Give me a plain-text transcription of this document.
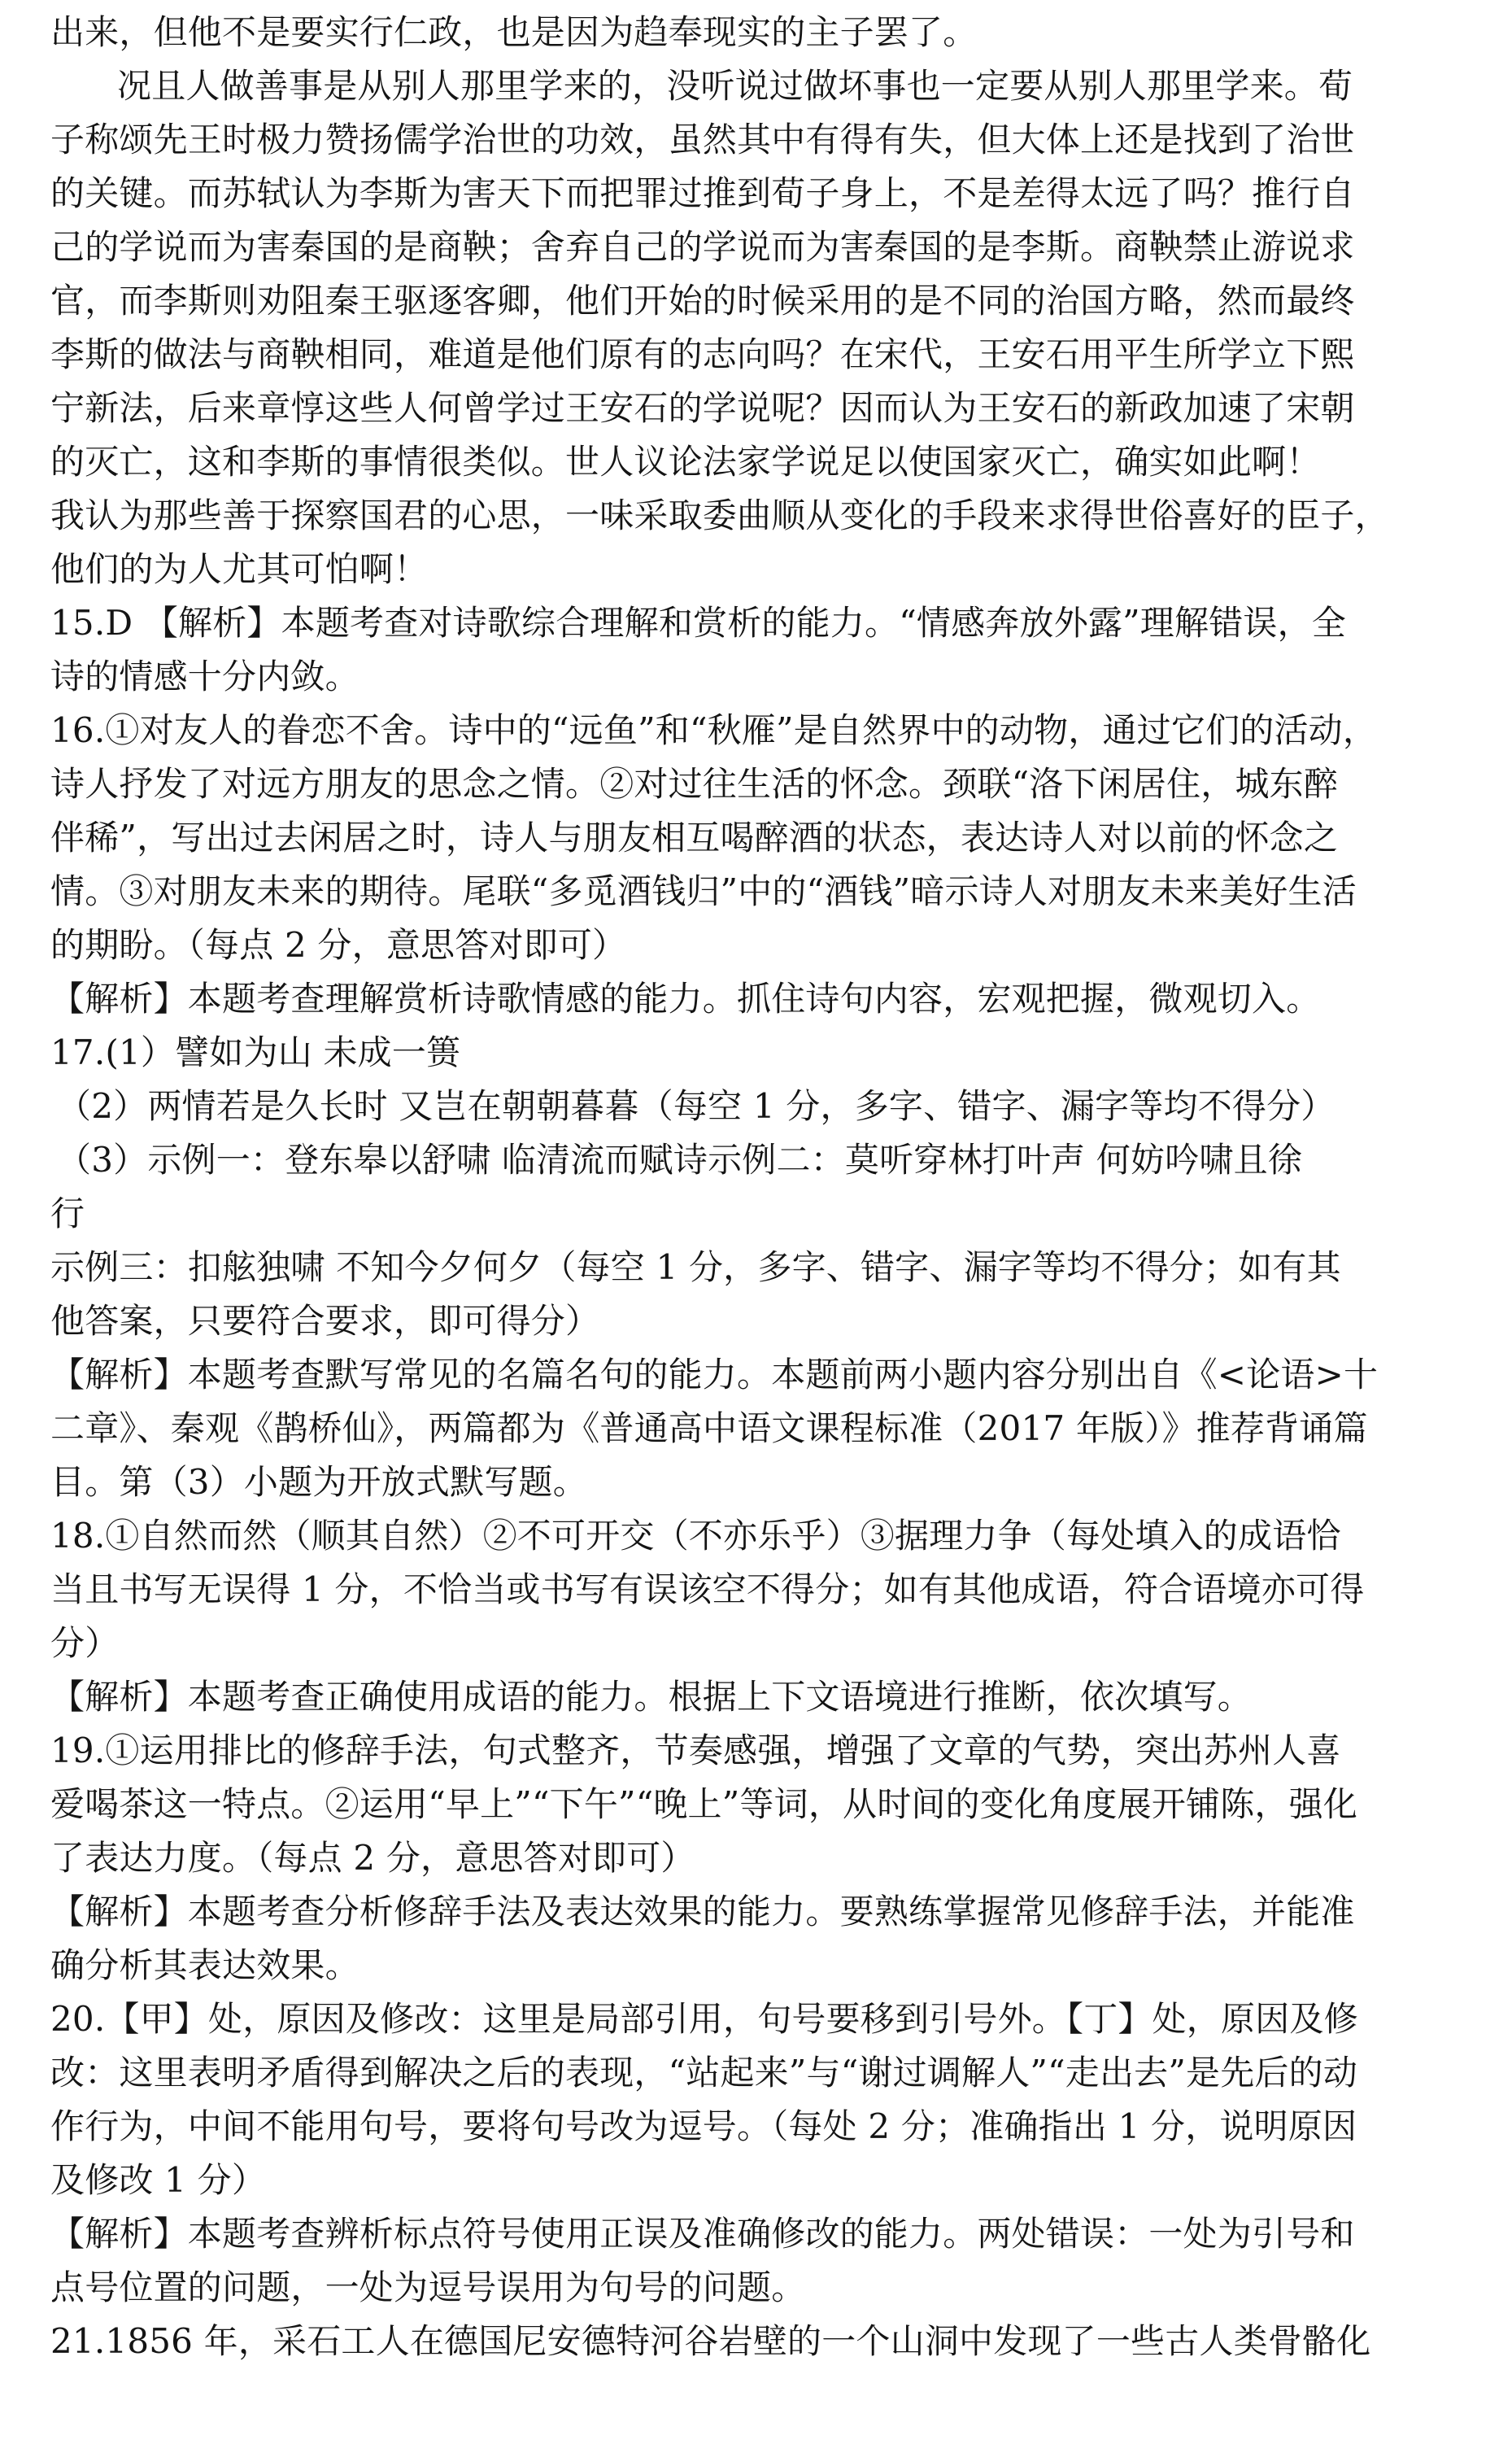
出来，但他不是要实行仁政，也是因为趋奉现实的主子罢了。
况且人做善事是从别人那里学来的，没听说过做坏事也一定要从别人那里学来。荀
子称颂先王时极力赞扬儒学治世的功效，虽然其中有得有失，但大体上还是找到了治世
的关键。而苏轼认为李斯为害天下而把罪过推到荀子身上，不是差得太远了吗？推行自
己的学说而为害秦国的是商鞅；舍弃自己的学说而为害秦国的是李斯。商鞅禁止游说求
官，而李斯则劝阻秦王驱逐客卿，他们开始的时候采用的是不同的治国方略，然而最终
李斯的做法与商鞅相同，难道是他们原有的志向吗？在宋代，王安石用平生所学立下熙
宁新法，后来章惇这些人何曾学过王安石的学说呢？因而认为王安石的新政加速了宋朝
的灭亡，这和李斯的事情很类似。世人议论法家学说足以使国家灭亡，确实如此啊！
我认为那些善于探察国君的心思，一味采取委曲顺从变化的手段来求得世俗喜好的臣子，
他们的为人尤其可怕啊！
15.D 【解析】本题考查对诗歌综合理解和赏析的能力。“情感奔放外露”理解错误，全
诗的情感十分内敛。
16.①对友人的眷恋不舍。诗中的“远鱼”和“秋雁”是自然界中的动物，通过它们的活动，
诗人抒发了对远方朋友的思念之情。②对过往生活的怀念。颈联“洛下闲居住，城东醉
伴稀”，写出过去闲居之时，诗人与朋友相互喝醉酒的状态，表达诗人对以前的怀念之
情。③对朋友未来的期待。尾联“多觅酒钱归”中的“酒钱”暗示诗人对朋友未来美好生活
的期盼。（每点 2 分，意思答对即可）
【解析】本题考查理解赏析诗歌情感的能力。抓住诗句内容，宏观把握，微观切入。
17.(1）譬如为山 未成一篑
（2）两情若是久长时 又岂在朝朝暮暮（每空 1 分，多字、错字、漏字等均不得分）
（3）示例一：登东皋以舒啸 临清流而赋诗示例二：莫听穿林打叶声 何妨吟啸且徐
行
示例三：扣舷独啸 不知今夕何夕（每空 1 分，多字、错字、漏字等均不得分；如有其
他答案，只要符合要求，即可得分）
【解析】本题考查默写常见的名篇名句的能力。本题前两小题内容分别出自《<论语>十
二章》、秦观《鹊桥仙》，两篇都为《普通高中语文课程标准（2017 年版）》推荐背诵篇
目。第（3）小题为开放式默写题。
18.①自然而然（顺其自然）②不可开交（不亦乐乎）③据理力争（每处填入的成语恰
当且书写无误得 1 分，不恰当或书写有误该空不得分；如有其他成语，符合语境亦可得
分）
【解析】本题考查正确使用成语的能力。根据上下文语境进行推断，依次填写。
19.①运用排比的修辞手法，句式整齐，节奏感强，增强了文章的气势，突出苏州人喜
爱喝茶这一特点。②运用“早上”“下午”“晚上”等词，从时间的变化角度展开铺陈，强化
了表达力度。（每点 2 分，意思答对即可）
【解析】本题考查分析修辞手法及表达效果的能力。要熟练掌握常见修辞手法，并能准
确分析其表达效果。
20.【甲】处，原因及修改：这里是局部引用，句号要移到引号外。【丁】处，原因及修
改：这里表明矛盾得到解决之后的表现，“站起来”与“谢过调解人”“走出去”是先后的动
作行为，中间不能用句号，要将句号改为逗号。（每处 2 分；准确指出 1 分，说明原因
及修改 1 分）
【解析】本题考查辨析标点符号使用正误及准确修改的能力。两处错误：一处为引号和
点号位置的问题，一处为逗号误用为句号的问题。
21.1856 年，采石工人在德国尼安德特河谷岩壁的一个山洞中发现了一些古人类骨骼化
